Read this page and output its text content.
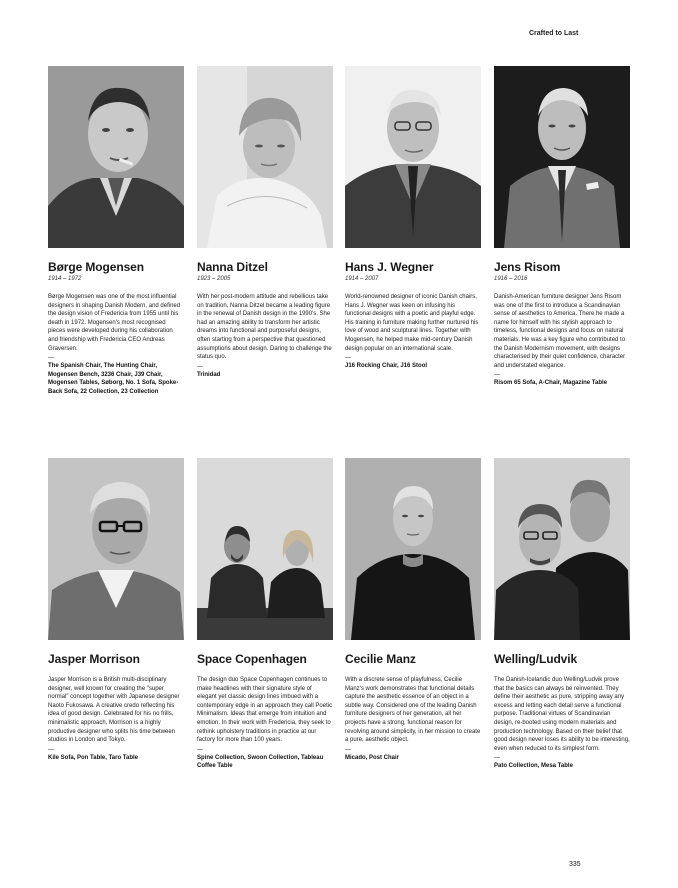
Crafted to Last
Børge Mogensen
1914 – 1972
Børge Mogensen was one of the most influential designers in shaping Danish Modern, and defined the design vision of Fredericia from 1955 until his death in 1972. Mogensen's most recognised pieces were developed during his collaboration and friendship with Fredericia CEO Andreas Graversen.
—
The Spanish Chair, The Hunting Chair, Mogensen Bench, 3236 Chair, J39 Chair, Mogensen Tables, Søborg, No. 1 Sofa, Spoke-Back Sofa, 22 Collection, 23 Collection
Nanna Ditzel
1923 – 2005
With her post-modern attitude and rebellious take on tradition, Nanna Ditzel became a leading figure in the renewal of Danish design in the 1990's. She had an amazing ability to transform her artistic dreams into functional and purposeful designs, often starting from a perspective that questioned assumptions about design. Daring to challenge the status quo.
—
Trinidad
Hans J. Wegner
1914 – 2007
World-renowned designer of iconic Danish chairs, Hans J. Wegner was keen on infusing his functional designs with a poetic and playful edge. His training in furniture making further nurtured his love of wood and sculptural lines. Together with Mogensen, he helped make mid-century Danish design popular on an international scale.
—
J16 Rocking Chair, J16 Stool
Jens Risom
1916 – 2016
Danish-American furniture designer Jens Risom was one of the first to introduce a Scandinavian sense of aesthetics to America. There he made a name for himself with his stylish approach to timeless, functional designs and focus on natural materials. He was a key figure who contributed to the Danish Modernism movement, with designs characterised by their quiet confidence, character and understated elegance.
—
Risom 65 Sofa, A-Chair, Magazine Table
Jasper Morrison
Jasper Morrison is a British multi-disciplinary designer, well known for creating the "super normal" concept together with Japanese designer Naoto Fukosawa. A creative credo reflecting his idea of good design. Celebrated for his no frills, minimalistic approach, Morrison is a highly productive designer who splits his time between studios in London and Tokyo.
—
Kile Sofa, Pon Table, Taro Table
Space Copenhagen
The design duo Space Copenhagen continues to make headlines with their signature style of elegant yet classic design lines imbued with a contemporary edge in an approach they call Poetic Minimalism. Ideas that emerge from intuition and emotion. In their work with Fredericia, they seek to rethink upholstery traditions in practice at our factory for more than 100 years.
—
Spine Collection, Swoon Collection, Tableau Coffee Table
Cecilie Manz
With a discrete sense of playfulness, Cecilie Manz's work demonstrates that functional details capture the aesthetic essence of an object in a subtle way. Considered one of the leading Danish furniture designers of her generation, all her projects have a strong, functional reason for revolving around simplicity, in her mission to create a pure, aesthetic object.
—
Micado, Post Chair
Welling/Ludvik
The Danish-Icelandic duo Welling/Ludvik prove that the basics can always be reinvented. They define their aesthetic as pure, stripping away any excess and letting each detail serve a functional purpose. Traditional virtues of Scandinavian design, re-booted using modern materials and production technology. Based on their belief that good design never loses its ability to be interesting, even when reduced to its simplest form.
—
Pato Collection, Mesa Table
335
